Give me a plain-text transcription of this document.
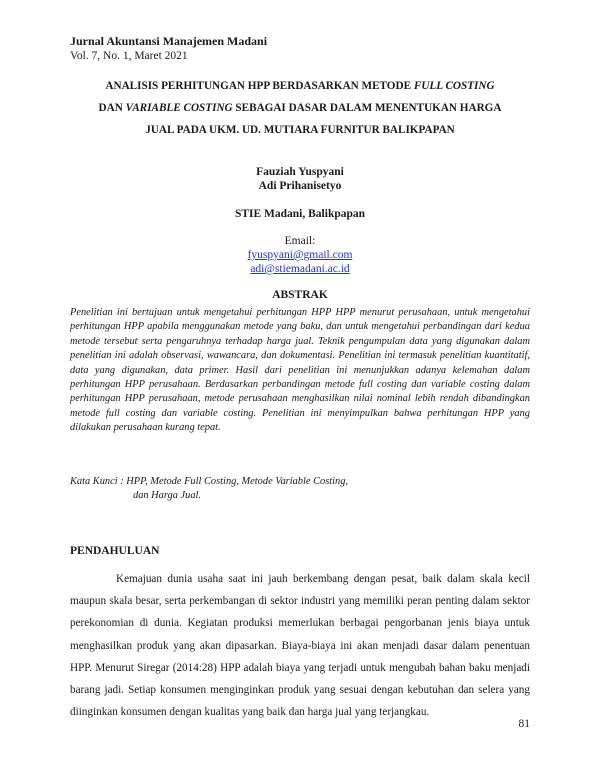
Jurnal Akuntansi Manajemen Madani
Vol. 7, No. 1, Maret 2021
ANALISIS PERHITUNGAN HPP BERDASARKAN METODE FULL COSTING
DAN VARIABLE COSTING SEBAGAI DASAR DALAM MENENTUKAN HARGA
JUAL PADA UKM. UD. MUTIARA FURNITUR BALIKPAPAN
Fauziah Yuspyani
Adi Prihanisetyo
STIE Madani, Balikpapan
Email:
fyuspyani@gmail.com
adi@stiemadani.ac.id
ABSTRAK
Penelitian ini bertujuan untuk mengetahui perhitungan HPP HPP menurut perusahaan, untuk mengetahui perhitungan HPP apabila menggunakan metode yang baku, dan untuk mengetahui perbandingan dari kedua metode tersebut serta pengaruhnya terhadap harga jual. Teknik pengumpulan data yang digunakan dalam penelitian ini adalah observasi, wawancara, dan dokumentasi. Penelitian ini termasuk penelitian kuantitatif, data yang digunakan, data primer. Hasil dari penelitian ini menunjukkan adanya kelemahan dalam perhitungan HPP perusahaan. Berdasarkan perbandingan metode full costing dan variable costing dalam perhitungan HPP perusahaan, metode perusahaan menghasilkan nilai nominal lebih rendah dibandingkan metode full costing dan variable costing. Penelitian ini menyimpulkan bahwa perhitungan HPP yang dilakukan perusahaan kurang tepat.
Kata Kunci : HPP, Metode Full Costing, Metode Variable Costing,
dan Harga Jual.
PENDAHULUAN
Kemajuan dunia usaha saat ini jauh berkembang dengan pesat, baik dalam skala kecil maupun skala besar, serta perkembangan di sektor industri yang memiliki peran penting dalam sektor perekonomian di dunia. Kegiatan produksi memerlukan berbagai pengorbanan jenis biaya untuk menghasilkan produk yang akan dipasarkan. Biaya-biaya ini akan menjadi dasar dalam penentuan HPP. Menurut Siregar (2014:28) HPP adalah biaya yang terjadi untuk mengubah bahan baku menjadi barang jadi. Setiap konsumen menginginkan produk yang sesuai dengan kebutuhan dan selera yang diinginkan konsumen dengan kualitas yang baik dan harga jual yang terjangkau.
81
